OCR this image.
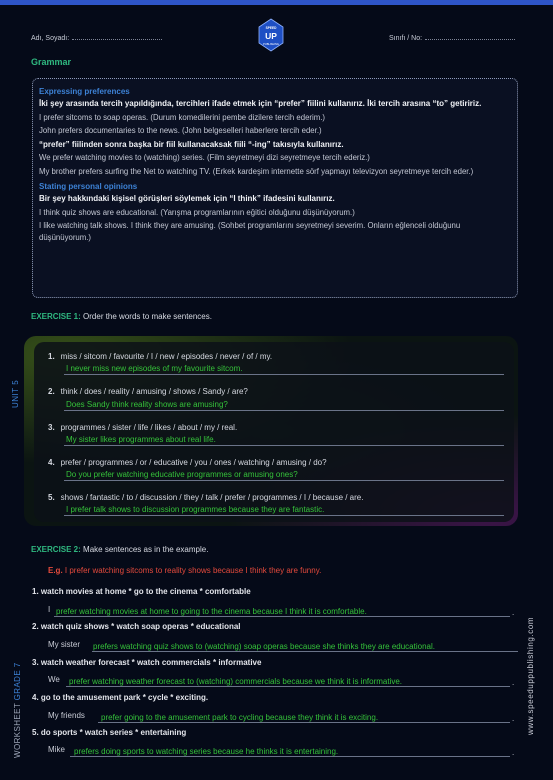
Adı, Soyadı:	Sınıfı / No:
SPEED
UP
PUBLISHING
Grammar
Expressing preferences
İki şey arasında tercih yapıldığında, tercihleri ifade etmek için “prefer” fiilini kullanırız. İki tercih arasına “to” getiririz.
I prefer sitcoms to soap operas. (Durum komedilerini pembe dizilere tercih ederim.)
John prefers documentaries to the news. (John belgeselleri haberlere tercih eder.)
“prefer” fiilinden sonra başka bir fiil kullanacaksak fiili “-ing” takısıyla kullanırız.
We prefer watching movies to (watching) series. (Film seyretmeyi dizi seyretmeye tercih ederiz.)
My brother prefers surfing the Net to watching TV. (Erkek kardeşim internette sörf yapmayı televizyon seyretmeye tercih eder.)
Stating personal opinions
Bir şey hakkındaki kişisel görüşleri söylemek için “I think” ifadesini kullanırız.
I think quiz shows are educational. (Yarışma programlarının eğitici olduğunu düşünüyorum.)
I like watching talk shows. I think they are amusing. (Sohbet programlarını seyretmeyi severim. Onların eğlenceli olduğunu düşünüyorum.)
EXERCISE 1: Order the words to make sentences.
UNIT 5
1. miss / sitcom / favourite / I / new / episodes / never / of / my.
I never miss new episodes of my favourite sitcom.
2. think / does / reality / amusing / shows / Sandy / are?
Does Sandy think reality shows are amusing?
3. programmes / sister / life / likes / about / my / real.
My sister likes programmes about real life.
4. prefer / programmes / or / educative / you / ones / watching / amusing / do?
Do you prefer watching educative programmes or amusing ones?
5. shows / fantastic / to / discussion / they / talk / prefer / programmes / I / because / are.
I prefer talk shows to discussion programmes because they are fantastic.
EXERCISE 2: Make sentences as in the example.
E.g. I prefer watching sitcoms to reality shows because I think they are funny.
1. watch movies at home * go to the cinema * comfortable
I prefer watching movies at home to going to the cinema because I think it is comfortable.	.
2. watch quiz shows * watch soap operas * educational
My sister prefers watching quiz shows to (watching) soap operas because she thinks they are educational.
3. watch weather forecast * watch commercials * informative
We prefer watching weather forecast to (watching) commercials because we think it is informative.	.
4. go to the amusement park * cycle * exciting.
My friends prefer going to the amusement park to cycling because they think it is exciting.	.
5. do sports * watch series * entertaining
Mike prefers doing sports to watching series because he thinks it is entertaining.	.
WORKSHEET GRADE 7	www.speeduppublishing.com
